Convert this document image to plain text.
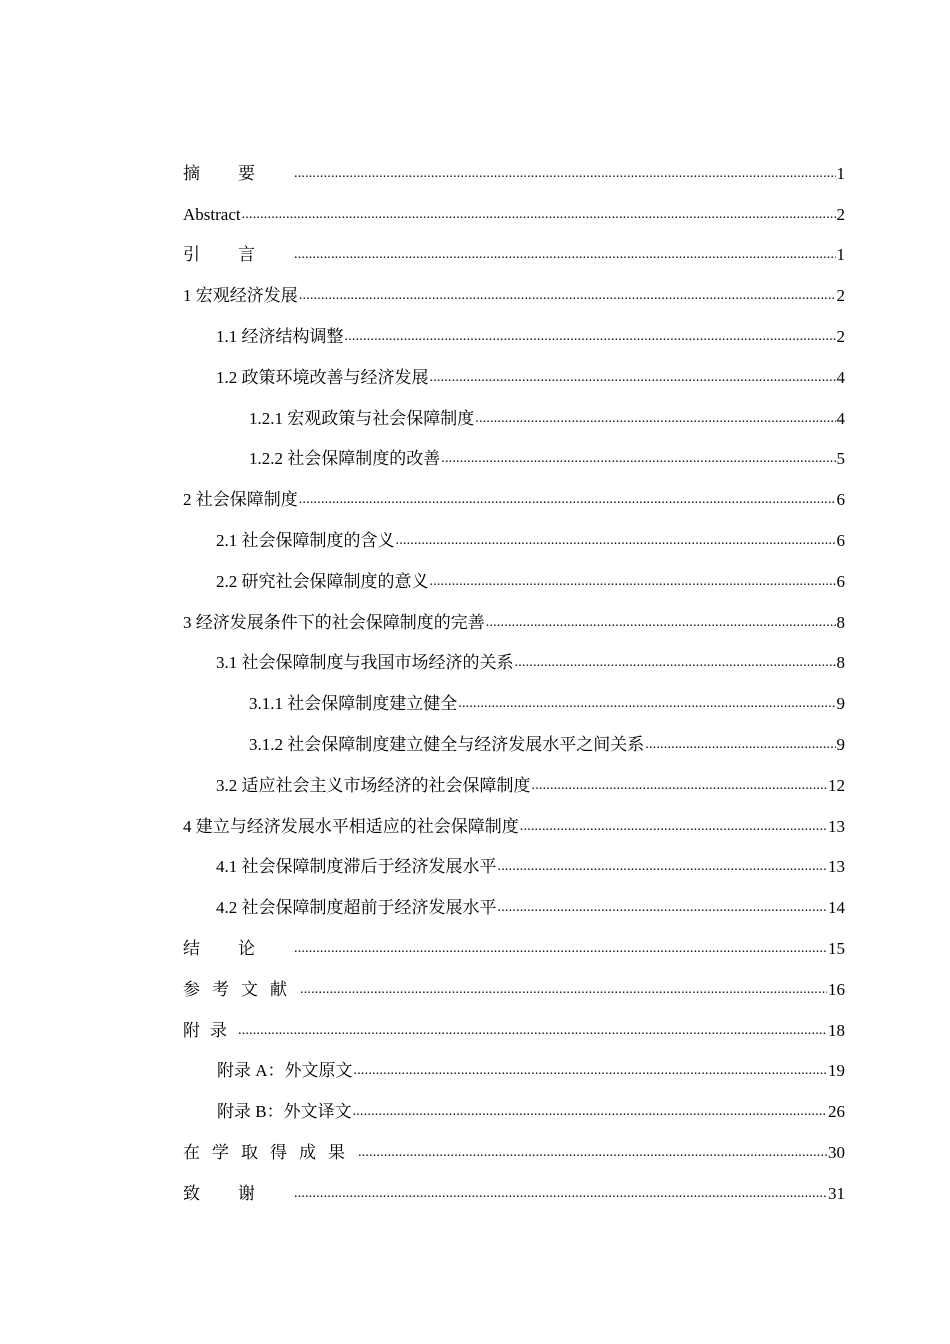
摘要 .....	1
Abstract .....	2
引言 .....	1
1 宏观经济发展 .....	2
1.1 经济结构调整 .....	2
1.2 政策环境改善与经济发展 .....	4
1.2.1 宏观政策与社会保障制度 .....	4
1.2.2 社会保障制度的改善 .....	5
2 社会保障制度 .....	6
2.1 社会保障制度的含义 .....	6
2.2 研究社会保障制度的意义 .....	6
3 经济发展条件下的社会保障制度的完善 .....	8
3.1 社会保障制度与我国市场经济的关系 .....	8
3.1.1 社会保障制度建立健全 .....	9
3.1.2 社会保障制度建立健全与经济发展水平之间关系 .....	9
3.2 适应社会主义市场经济的社会保障制度 .....	12
4 建立与经济发展水平相适应的社会保障制度 .....	13
4.1 社会保障制度滞后于经济发展水平 .....	13
4.2 社会保障制度超前于经济发展水平 .....	14
结论 .....	15
参考文献 .....	16
附录 .....	18
附录 A：外文原文 .....	19
附录 B：外文译文 .....	26
在学取得成果 .....	30
致谢 .....	31
